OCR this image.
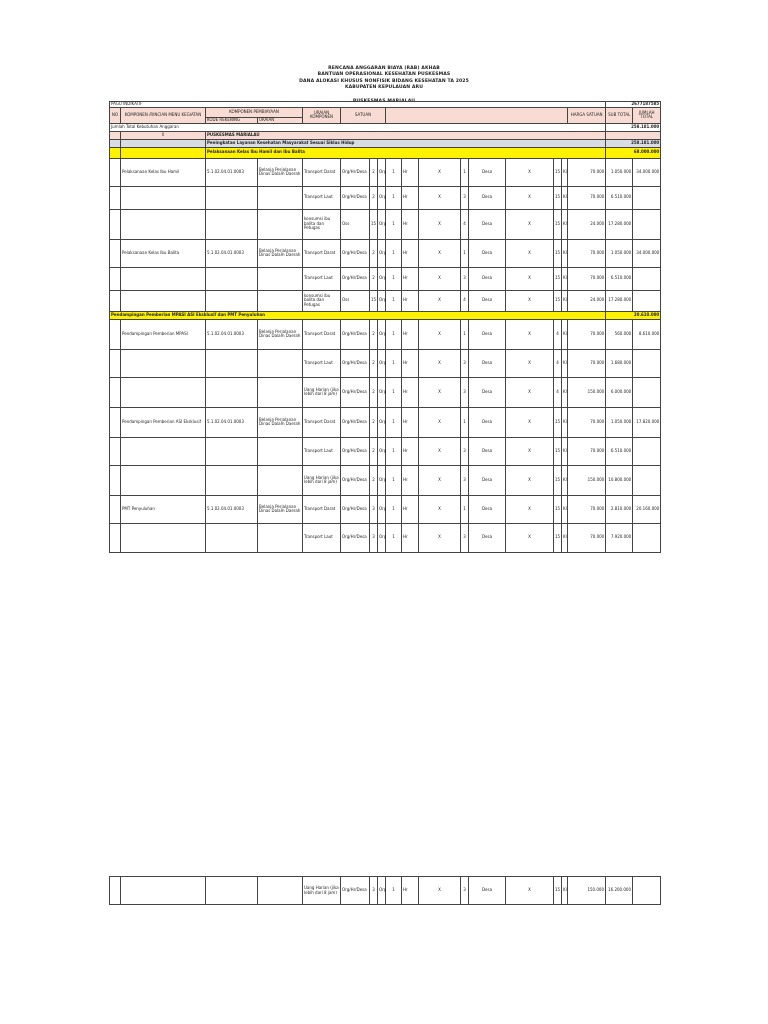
RENCANA ANGGARAN BIAYA (RAB) AKHAB
BANTUAN OPERASIONAL KESEHATAN PUSKESMAS
DANA ALOKASI KHUSUS NONFISIK BIDANG KESEHATAN TA 2025
KABUPATEN KEPULAUAN ARU
PUSKESMAS MARIALAU
PAGU INDIKATIF																	2677187585	
NO	KOMPONEN /RINCIAN MENU KEGIATAN	KOMPONEN PEMBIAYAAN		URAIAN KOMPONEN	SATUAN											HARGA SATUAN	SUB TOTAL	JUMLAH TOTAL
		KODE REKENING	URAIAN															
Jumlah Total Kebutuhan Anggaran																	258.181.000	
	I	PUSKESMAS MARIALAU																
		Peningkatan Layanan Kesehatan Masyarakat Sesuai Siklus Hidup															258.181.000	
		Pelaksanaan Kelas Ibu Hamil dan Ibu Balita															68.000.000	
	Pelaksanaan Kelas Ibu Hamil	5.1.02.04.01.0003	Belanja Perjalanan Dinas Dalam Daerah	Transport Darat	Org/Hr/Desa	2	Org	1	Hr	X	1	Desa	X	15	Kl	70.000	1.050.000	34.000.000
				Transport Laut	Org/Hr/Desa	2	Org	1	Hr	X	3	Desa	X	15	Kl	70.000	6.510.000	
				konsumsi ibu balita dan Petugas	Oss	15	Org	1	Hr	X	4	Desa	X	15	Kl	24.000	17.280.000	
	Pelaksanaan Kelas Ibu Balita	5.1.02.04.01.0003	Belanja Perjalanan Dinas Dalam Daerah	Transport Darat	Org/Hr/Desa	2	Org	1	Hr	X	1	Desa	X	15	Kl	70.000	1.050.000	34.000.000
				Transport Laut	Org/Hr/Desa	2	Org	1	Hr	X	3	Desa	X	15	Kl	70.000	6.510.000	
				konsumsi ibu balita dan Petugas	Oss	15	Org	1	Hr	X	4	Desa	X	15	Kl	24.000	17.280.000	
Pendampingan Pemberian MPASI ASI Eksklusif dan PMT Penyuluhan																	20.610.000	
	Pendampingan Pemberian MPASI	5.1.02.04.01.0003	Belanja Perjalanan Dinas Dalam Daerah	Transport Darat	Org/Hr/Desa	2	Org	1	Hr	X	1	Desa	X	4	Kl	70.000	560.000	8.610.000
				Transport Laut	Org/Hr/Desa	2	Org	1	Hr	X	3	Desa	X	4	Kl	70.000	1.680.000	
				Uang Harian (jika lebih dari 8 jam)	Org/Hr/Desa	2	Org	1	Hr	X	3	Desa	X	4	Kl	150.000	6.000.000	
	Pendampingan Pemberian ASI Eksklusif	5.1.02.04.01.0003	Belanja Perjalanan Dinas Dalam Daerah	Transport Darat	Org/Hr/Desa	2	Org	1	Hr	X	1	Desa	X	15	Kl	70.000	1.050.000	17.820.000
				Transport Laut	Org/Hr/Desa	2	Org	1	Hr	X	3	Desa	X	15	Kl	70.000	6.510.000	
				Uang Harian (jika lebih dari 8 jam)	Org/Hr/Desa	2	Org	1	Hr	X	3	Desa	X	15	Kl	150.000	10.800.000	
	PMT Penyuluhan	5.1.02.04.01.0003	Belanja Perjalanan Dinas Dalam Daerah	Transport Darat	Org/Hr/Desa	3	Org	1	Hr	X	1	Desa	X	15	Kl	70.000	2.810.000	20.160.000
				Transport Laut	Org/Hr/Desa	3	Org	1	Hr	X	3	Desa	X	15	Kl	70.000	7.920.000	
				Uang Harian (jika lebih dari 8 jam)	Org/Hr/Desa	3	Org	1	Hr	X	3	Desa	X	15	Kl	150.000	16.200.000	
